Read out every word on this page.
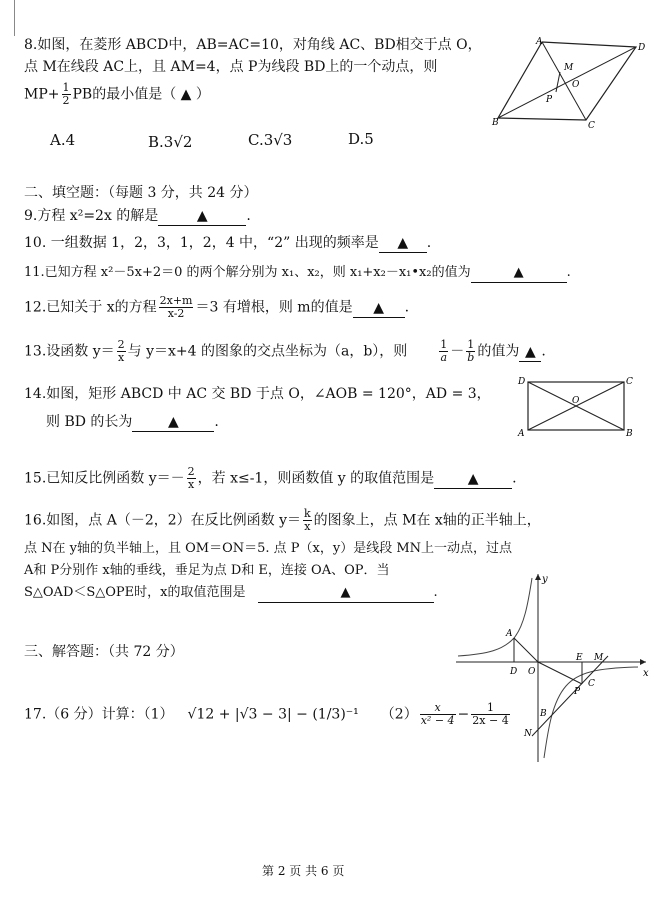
8.如图，在菱形 ABCD中，AB=AC=10，对角线 AC、BD相交于点 O，
点 M在线段 AC上，且 AM=4，点 P为线段 BD上的一个动点，则
$MP+ \frac{1}{2}$ PB的最小值是（ ▲ ）
A.4	B.3√2	C.3√3	D.5
A
D
B	C
M
O
P
二、填空题：（每题 3 分，共 24 分）
9.方程 x²=2x 的解是	▲	.
10. 一组数据 1，2，3，1，2，4 中，“2” 出现的频率是 ▲ .
11.已知方程 x²－5x+2＝0 的两个解分别为 x₁、x₂，则 x₁+x₂－x₁•x₂的值为	▲	.
12.已知关于 x的方程 $\frac{2x+m}{x-2} =3$ 有增根，则 m的值是 ▲ .
13.设函数 $y= \frac{2}{x}$ 与 y＝x+4 的图象的交点坐标为（a，b），则	$\frac{1}{a} - \frac{1}{b}$ 的值为 ▲ .
14.如图，矩形 ABCD 中 AC 交 BD 于点 O，∠AOB = 120°，AD = 3，
则 BD 的长为	▲	.
D	C
A	B
O
15.已知反比例函数 $y=- \frac{2}{x}$ ，若 x≤-1，则函数值 y 的取值范围是 ▲ .
16.如图，点 A（－2，2）在反比例函数 $y= \frac{k}{x}$ 的图象上，点 M在 x轴的正半轴上，
点 N在 y轴的负半轴上，且 OM＝ON＝5. 点 P（x，y）是线段 MN上一动点，过点
A和 P分别作 x轴的垂线，垂足为点 D和 E，连接 OA、OP．当
S△OAD＜S△OPE时，x的取值范围是	▲	.
x
y
A
D O
E M
P
C
B
N
三、解答题：（共 72 分）
17.（6 分）计算：（1） √12 + |√3 − 3| − (1/3)⁻¹ $(2) \frac{x}{\text{x² − 4}} - \frac{1}{2x - 4}$
第 2 页 共 6 页
